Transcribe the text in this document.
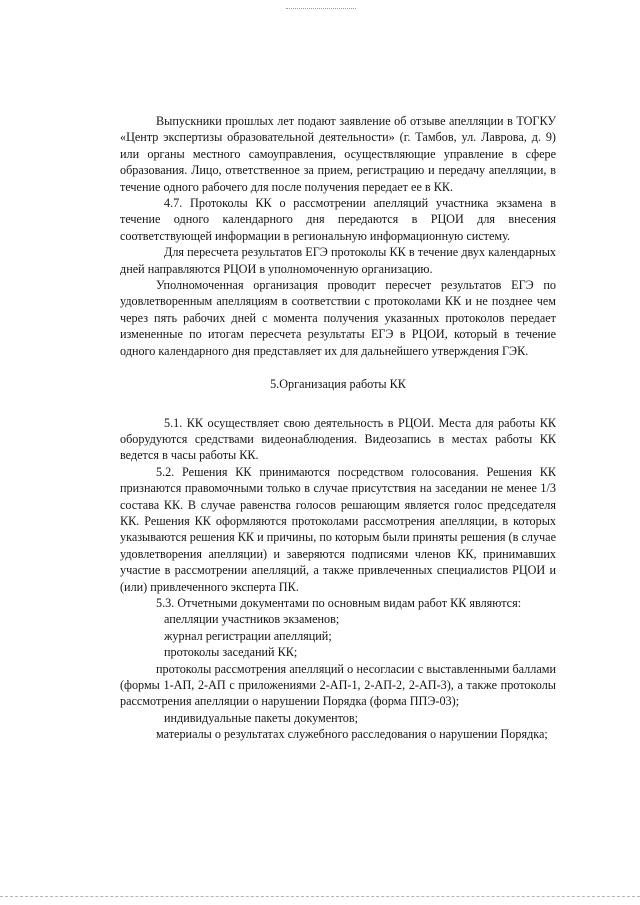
Выпускники прошлых лет подают заявление об отзыве апелляции в ТОГКУ «Центр экспертизы образовательной деятельности» (г. Тамбов, ул. Лаврова, д. 9) или органы местного самоуправления, осуществляющие управление в сфере образования. Лицо, ответственное за прием, регистрацию и передачу апелляции, в течение одного рабочего для после получения передает ее в КК.

4.7. Протоколы КК о рассмотрении апелляций участника экзамена в течение одного календарного дня передаются в РЦОИ для внесения соответствующей информации в региональную информационную систему.

Для пересчета результатов ЕГЭ протоколы КК в течение двух календарных дней направляются РЦОИ в уполномоченную организацию.

Уполномоченная организация проводит пересчет результатов ЕГЭ по удовлетворенным апелляциям в соответствии с протоколами КК и не позднее чем через пять рабочих дней с момента получения указанных протоколов передает измененные по итогам пересчета результаты ЕГЭ в РЦОИ, который в течение одного календарного дня представляет их для дальнейшего утверждения ГЭК.

5.Организация работы КК

5.1. КК осуществляет свою деятельность в РЦОИ. Места для работы КК оборудуются средствами видеонаблюдения. Видеозапись в местах работы КК ведется в часы работы КК.

5.2. Решения КК принимаются посредством голосования. Решения КК признаются правомочными только в случае присутствия на заседании не менее 1/3 состава КК. В случае равенства голосов решающим является голос председателя КК. Решения КК оформляются протоколами рассмотрения апелляции, в которых указываются решения КК и причины, по которым были приняты решения (в случае удовлетворения апелляции) и заверяются подписями членов КК, принимавших участие в рассмотрении апелляций, а также привлеченных специалистов РЦОИ и (или) привлеченного эксперта ПК.

5.3. Отчетными документами по основным видам работ КК являются:

апелляции участников экзаменов;

журнал регистрации апелляций;

протоколы заседаний КК;

протоколы рассмотрения апелляций о несогласии с выставленными баллами (формы 1-АП, 2-АП с приложениями 2-АП-1, 2-АП-2, 2-АП-3), а также протоколы рассмотрения апелляции о нарушении Порядка (форма ППЭ-03);

индивидуальные пакеты документов;

материалы о результатах служебного расследования о нарушении Порядка;
